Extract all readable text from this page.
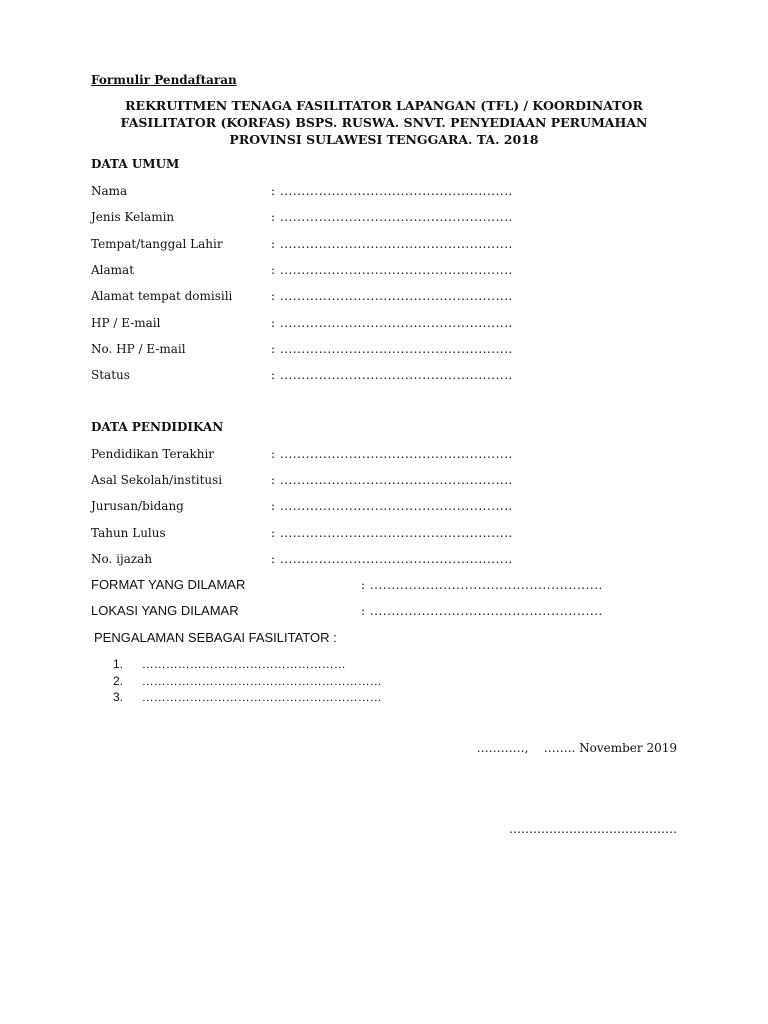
Formulir Pendaftaran
REKRUITMEN TENAGA FASILITATOR LAPANGAN (TFL) / KOORDINATOR
FASILITATOR (KORFAS) BSPS. RUSWA. SNVT. PENYEDIAAN PERUMAHAN
PROVINSI SULAWESI TENGGARA. TA. 2018
DATA UMUM
Nama	: ......................................................
Jenis Kelamin	: ......................................................
Tempat/tanggal Lahir	: ......................................................
Alamat	: ......................................................
Alamat tempat domisili	: ......................................................
HP / E-mail	: ......................................................
No. HP / E-mail	: ......................................................
Status	: ......................................................
DATA PENDIDIKAN
Pendidikan Terakhir	: ......................................................
Asal Sekolah/institusi	: ......................................................
Jurusan/bidang	: ......................................................
Tahun Lulus	: ......................................................
No. ijazah	: ......................................................
FORMAT YANG DILAMAR	: ......................................................
LOKASI YANG DILAMAR	: ......................................................
PENGALAMAN SEBAGAI FASILITATOR :
1. ……………………………………………
2. ……………………………………………………
3. ……………………………………………………
…………,    …….. November 2019
……………………………………
